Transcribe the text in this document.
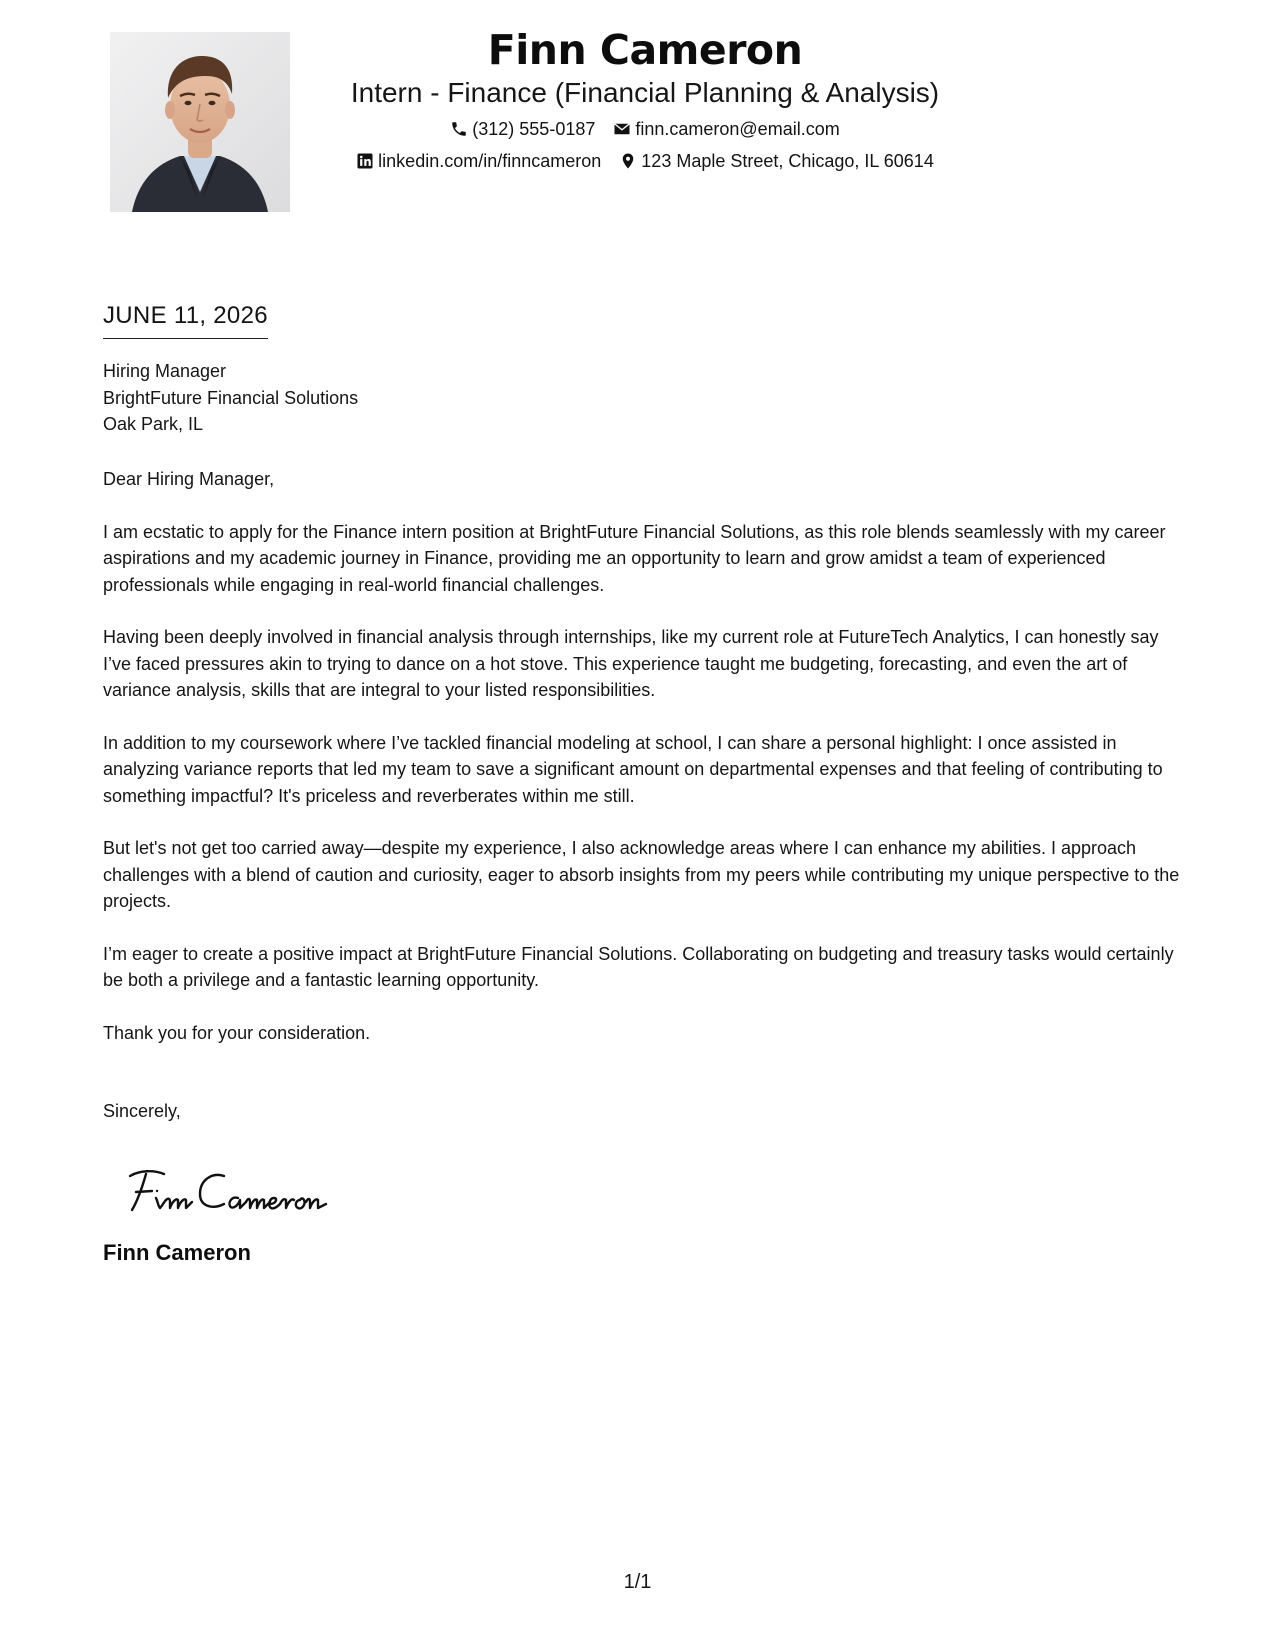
Finn Cameron
Intern - Finance (Financial Planning & Analysis)
(312) 555-0187 finn.cameron@email.com
linkedin.com/in/finncameron 123 Maple Street, Chicago, IL 60614
JUNE 11, 2026
Hiring Manager
BrightFuture Financial Solutions
Oak Park, IL

Dear Hiring Manager,

I am ecstatic to apply for the Finance intern position at BrightFuture Financial Solutions, as this role blends seamlessly with my career aspirations and my academic journey in Finance, providing me an opportunity to learn and grow amidst a team of experienced professionals while engaging in real-world financial challenges.

Having been deeply involved in financial analysis through internships, like my current role at FutureTech Analytics, I can honestly say I’ve faced pressures akin to trying to dance on a hot stove. This experience taught me budgeting, forecasting, and even the art of variance analysis, skills that are integral to your listed responsibilities.

In addition to my coursework where I’ve tackled financial modeling at school, I can share a personal highlight: I once assisted in analyzing variance reports that led my team to save a significant amount on departmental expenses and that feeling of contributing to something impactful? It's priceless and reverberates within me still.

But let's not get too carried away—despite my experience, I also acknowledge areas where I can enhance my abilities. I approach challenges with a blend of caution and curiosity, eager to absorb insights from my peers while contributing my unique perspective to the projects.

I’m eager to create a positive impact at BrightFuture Financial Solutions. Collaborating on budgeting and treasury tasks would certainly be both a privilege and a fantastic learning opportunity.

Thank you for your consideration.

Sincerely,
Finn Cameron
1/1
